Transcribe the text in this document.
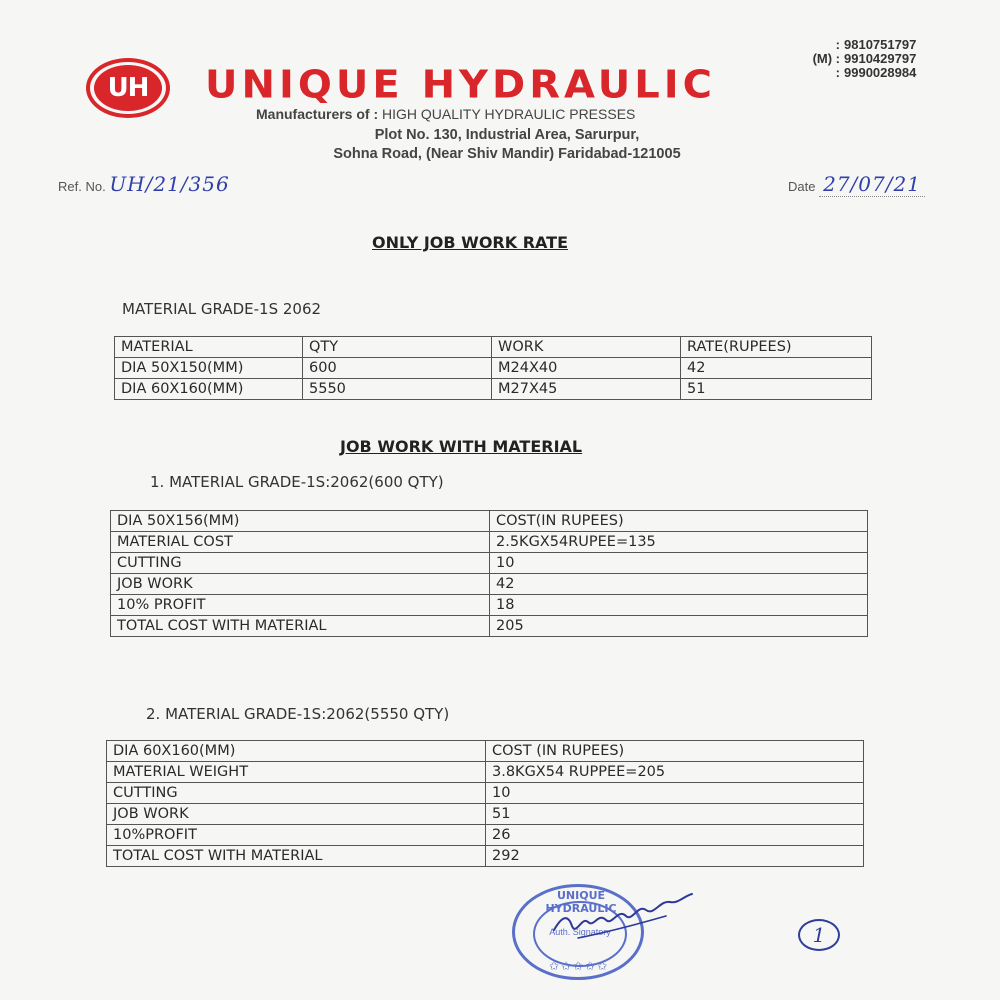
UH	UNIQUE HYDRAULIC
: 9810751797
(M) : 9910429797
: 9990028984
Manufacturers of : HIGH QUALITY HYDRAULIC PRESSES
Plot No. 130, Industrial Area, Sarurpur,
Sohna Road, (Near Shiv Mandir) Faridabad-121005
Ref. No. UH/21/356	Date 27/07/21
ONLY JOB WORK RATE
MATERIAL GRADE-1S 2062
MATERIAL	QTY	WORK	RATE(RUPEES)
DIA 50X150(MM)	600	M24X40	42
DIA 60X160(MM)	5550	M27X45	51
JOB WORK WITH MATERIAL
1. MATERIAL GRADE-1S:2062(600 QTY)
DIA 50X156(MM)	COST(IN RUPEES)
MATERIAL COST	2.5KGX54RUPEE=135
CUTTING	10
JOB WORK	42
10% PROFIT	18
TOTAL COST WITH MATERIAL	205
2. MATERIAL GRADE-1S:2062(5550 QTY)
DIA 60X160(MM)	COST (IN RUPEES)
MATERIAL WEIGHT	3.8KGX54 RUPPEE=205
CUTTING	10
JOB WORK	51
10%PROFIT	26
TOTAL COST WITH MATERIAL	292
UNIQUE HYDRAULIC
Auth. Signatory
✩✩✩✩✩
1
